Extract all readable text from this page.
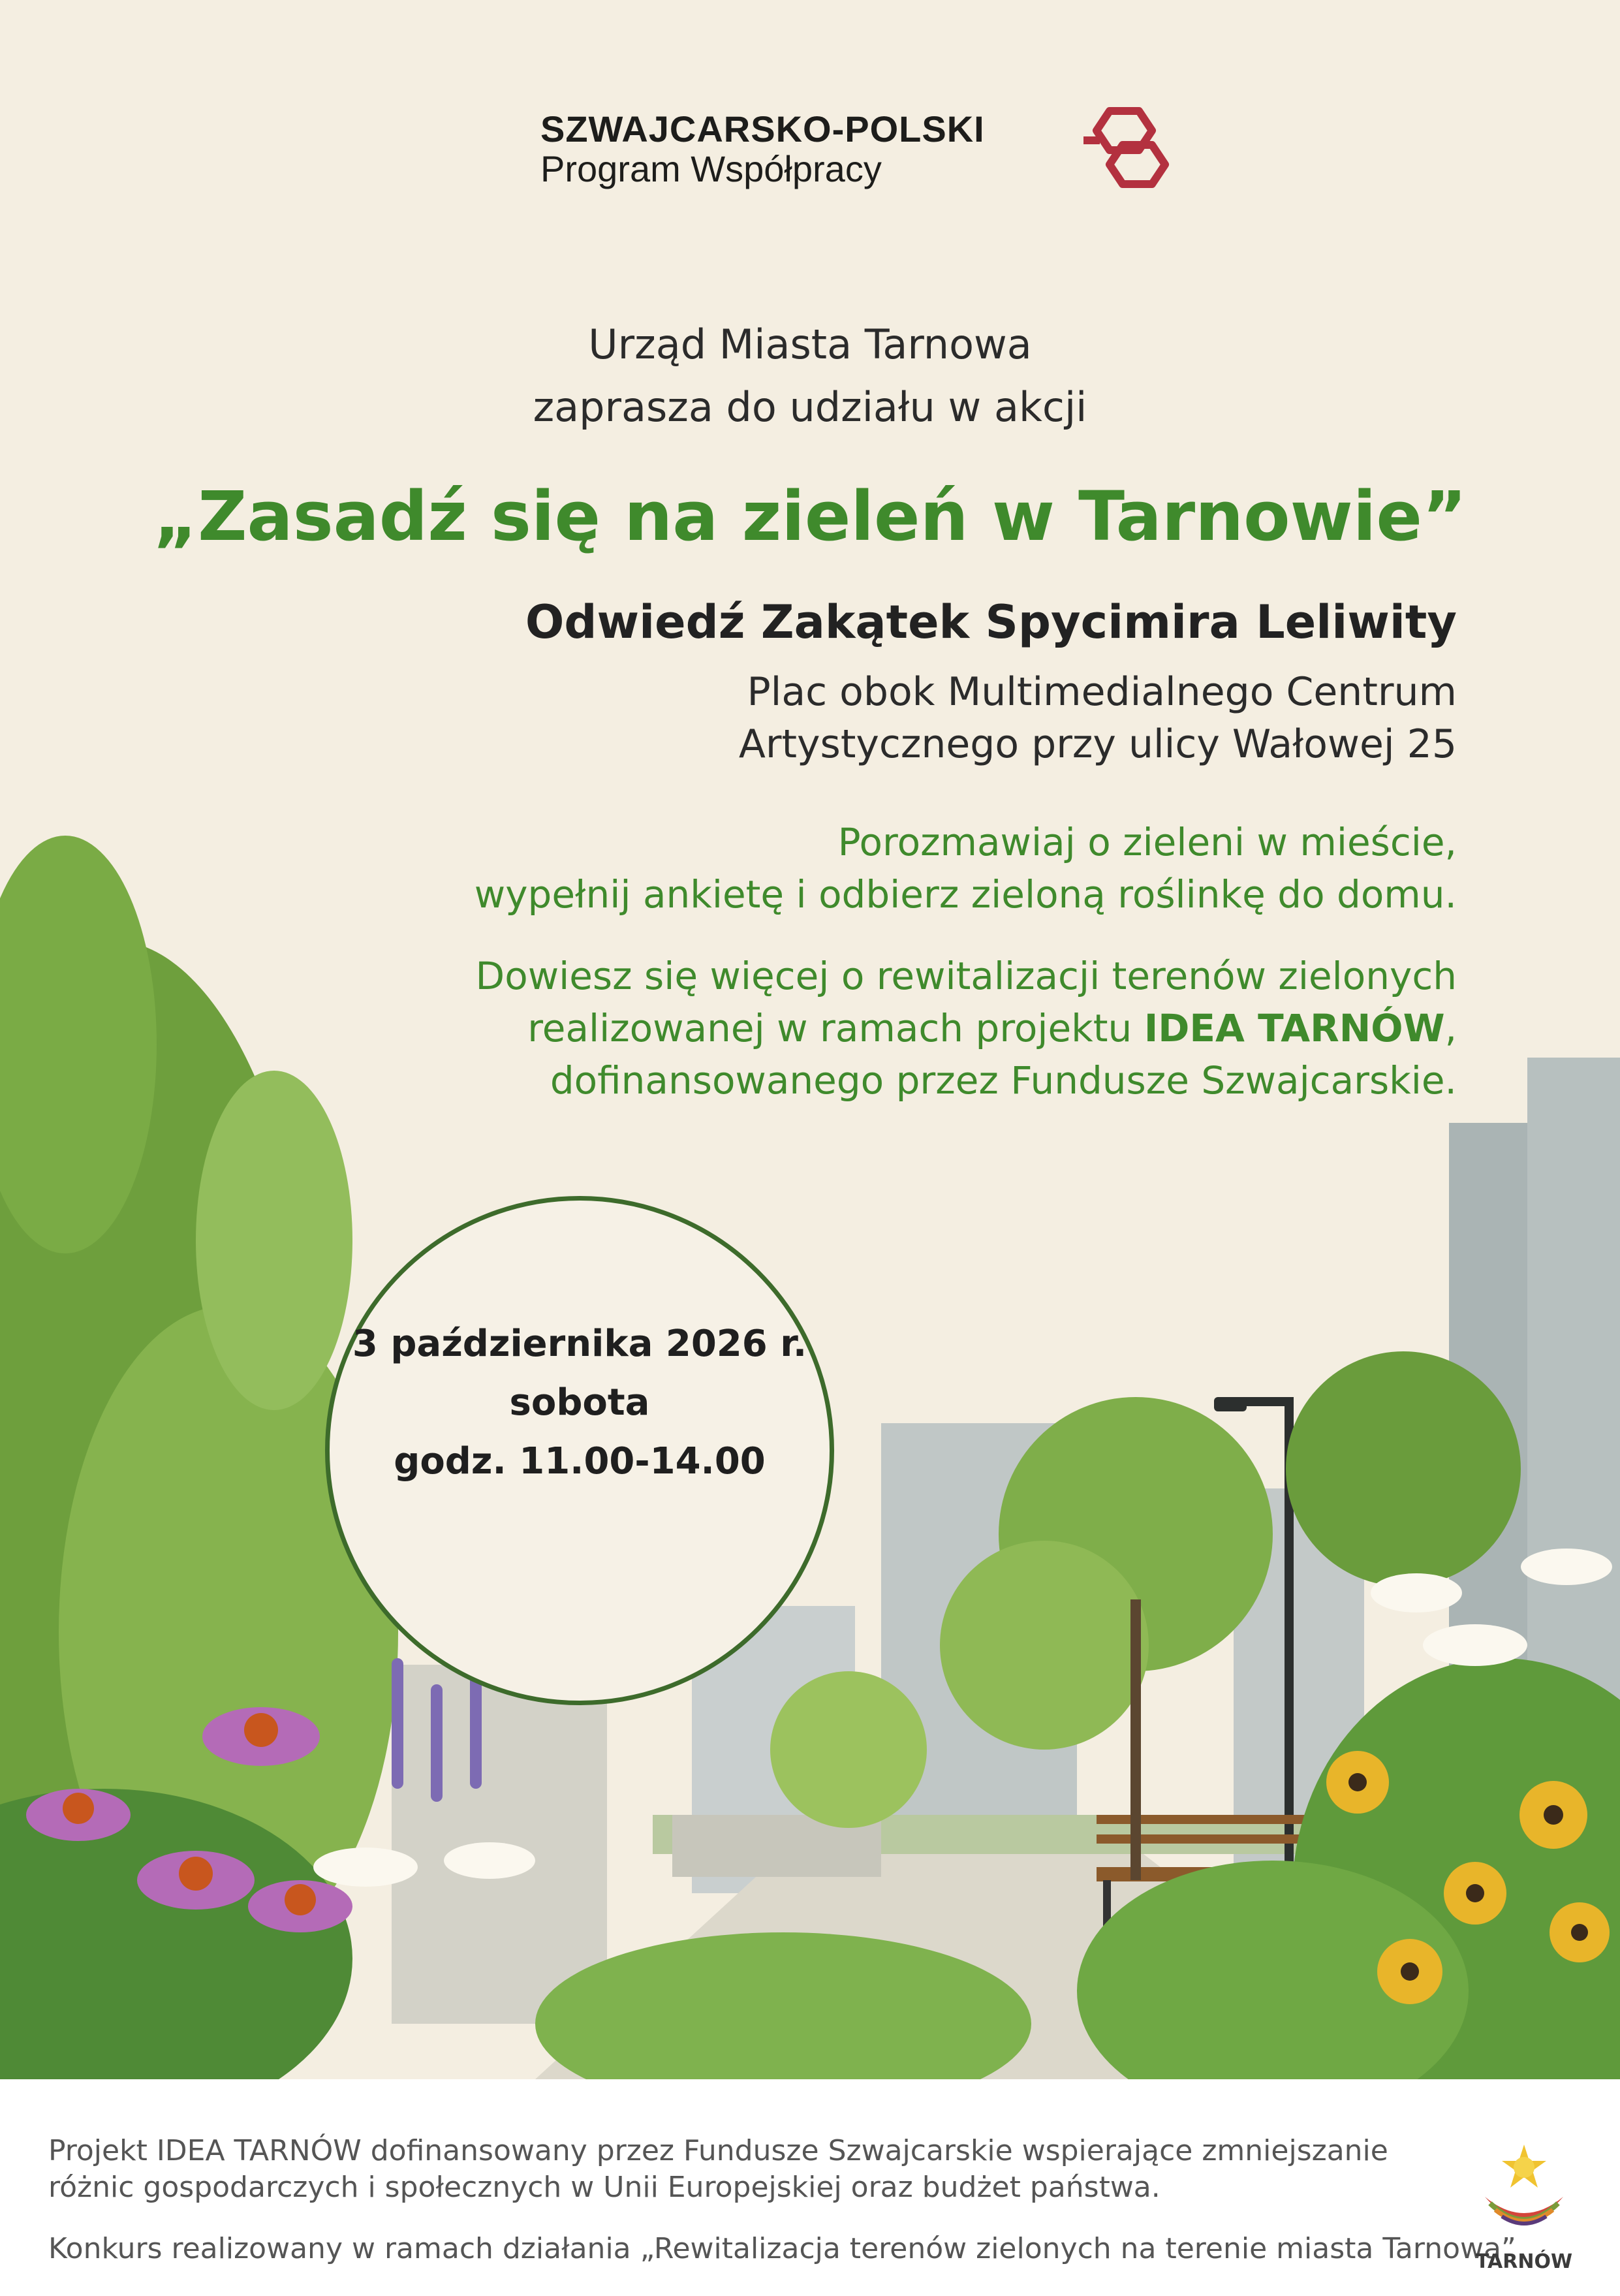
SZWAJCARSKO-POLSKI
Program Współpracy
Urząd Miasta Tarnowa
zaprasza do udziału w akcji
„Zasadź się na zieleń w Tarnowie”
Odwiedź Zakątek Spycimira Leliwity
Plac obok Multimedialnego Centrum
Artystycznego przy ulicy Wałowej 25
Porozmawiaj o zieleni w mieście,
wypełnij ankietę i odbierz zieloną roślinkę do domu.
Dowiesz się więcej o rewitalizacji terenów zielonych
realizowanej w ramach projektu IDEA TARNÓW,
dofinansowanego przez Fundusze Szwajcarskie.
3 października 2026 r.
sobota
godz. 11.00-14.00
Projekt IDEA TARNÓW dofinansowany przez Fundusze Szwajcarskie wspierające zmniejszanie
różnic gospodarczych i społecznych w Unii Europejskiej oraz budżet państwa.
Konkurs realizowany w ramach działania „Rewitalizacja terenów zielonych na terenie miasta Tarnowa”
TARNÓW
